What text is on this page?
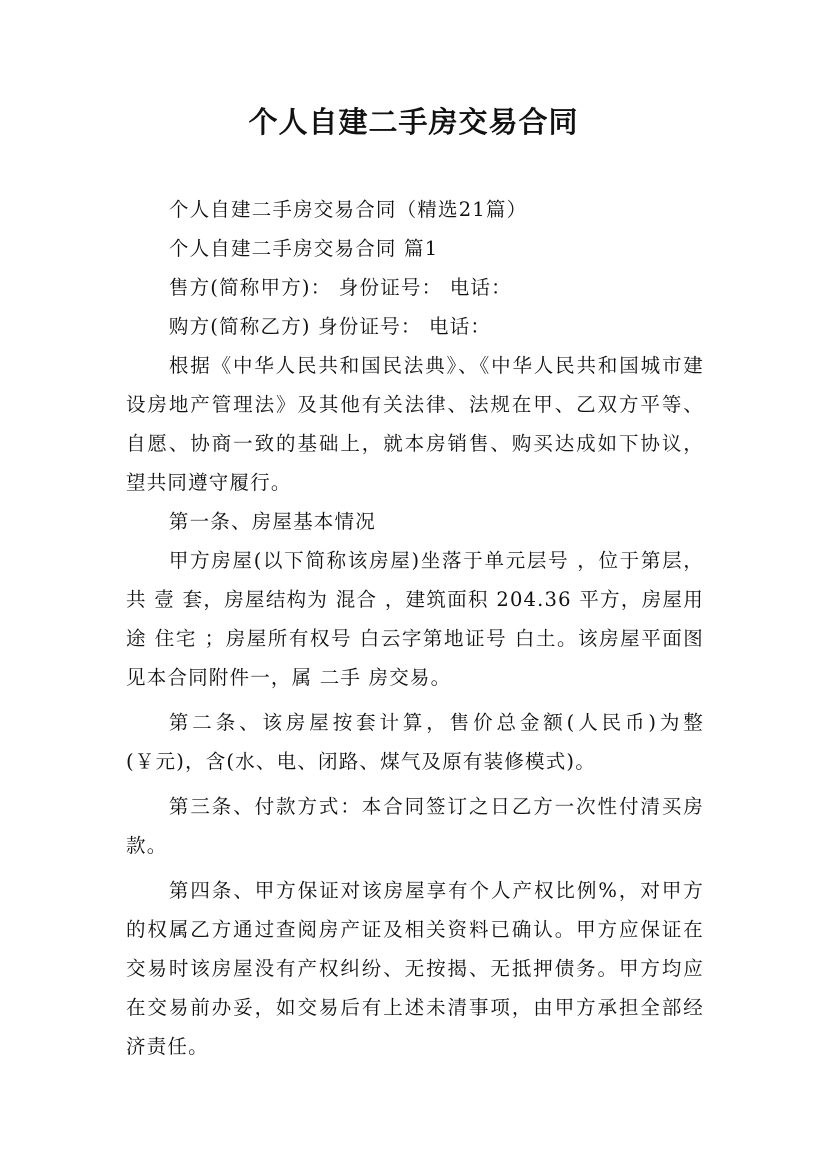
个人自建二手房交易合同

个人自建二手房交易合同（精选21篇）

个人自建二手房交易合同 篇1

售方(简称甲方)： 身份证号： 电话：

购方(简称乙方) 身份证号： 电话：

根据《中华人民共和国民法典》、《中华人民共和国城市建设房地产管理法》及其他有关法律、法规在甲、乙双方平等、自愿、协商一致的基础上，就本房销售、购买达成如下协议，望共同遵守履行。

第一条、房屋基本情况

甲方房屋(以下简称该房屋)坐落于单元层号 ，位于第层，共 壹 套，房屋结构为 混合 ，建筑面积 204.36 平方，房屋用途 住宅 ；房屋所有权号 白云字第地证号 白土。该房屋平面图见本合同附件一，属 二手 房交易。

第二条、该房屋按套计算，售价总金额(人民币)为整(￥元)，含(水、电、闭路、煤气及原有装修模式)。

第三条、付款方式：本合同签订之日乙方一次性付清买房款。

第四条、甲方保证对该房屋享有个人产权比例%，对甲方的权属乙方通过查阅房产证及相关资料已确认。甲方应保证在交易时该房屋没有产权纠纷、无按揭、无抵押债务。甲方均应在交易前办妥，如交易后有上述未清事项，由甲方承担全部经济责任。
